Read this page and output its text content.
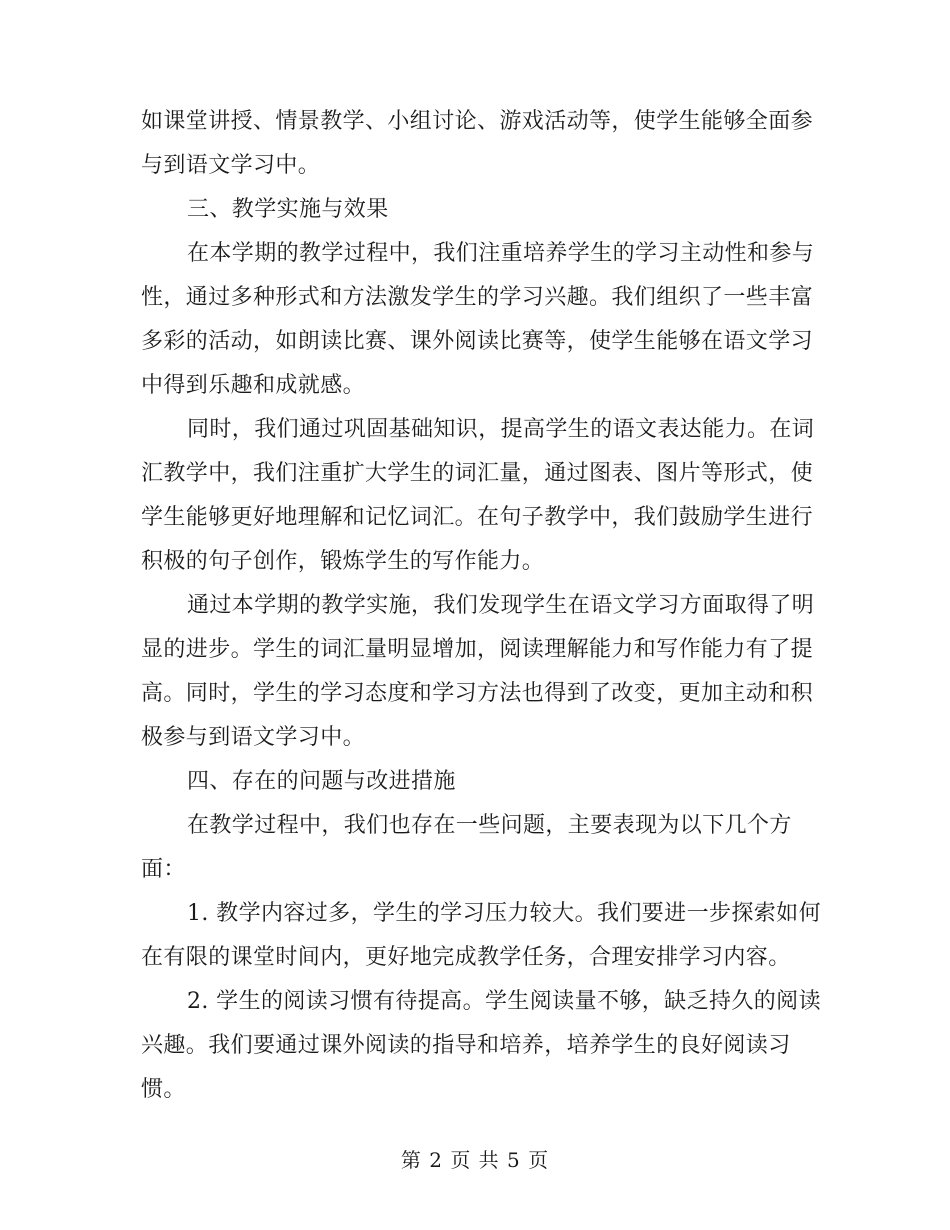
如课堂讲授、情景教学、小组讨论、游戏活动等，使学生能够全面参
与到语文学习中。
三、教学实施与效果
在本学期的教学过程中，我们注重培养学生的学习主动性和参与
性，通过多种形式和方法激发学生的学习兴趣。我们组织了一些丰富
多彩的活动，如朗读比赛、课外阅读比赛等，使学生能够在语文学习
中得到乐趣和成就感。
同时，我们通过巩固基础知识，提高学生的语文表达能力。在词
汇教学中，我们注重扩大学生的词汇量，通过图表、图片等形式，使
学生能够更好地理解和记忆词汇。在句子教学中，我们鼓励学生进行
积极的句子创作，锻炼学生的写作能力。
通过本学期的教学实施，我们发现学生在语文学习方面取得了明
显的进步。学生的词汇量明显增加，阅读理解能力和写作能力有了提
高。同时，学生的学习态度和学习方法也得到了改变，更加主动和积
极参与到语文学习中。
四、存在的问题与改进措施
在教学过程中，我们也存在一些问题，主要表现为以下几个方
面：
1. 教学内容过多，学生的学习压力较大。我们要进一步探索如何
在有限的课堂时间内，更好地完成教学任务，合理安排学习内容。
2. 学生的阅读习惯有待提高。学生阅读量不够，缺乏持久的阅读
兴趣。我们要通过课外阅读的指导和培养，培养学生的良好阅读习
惯。
第 2 页 共 5 页
